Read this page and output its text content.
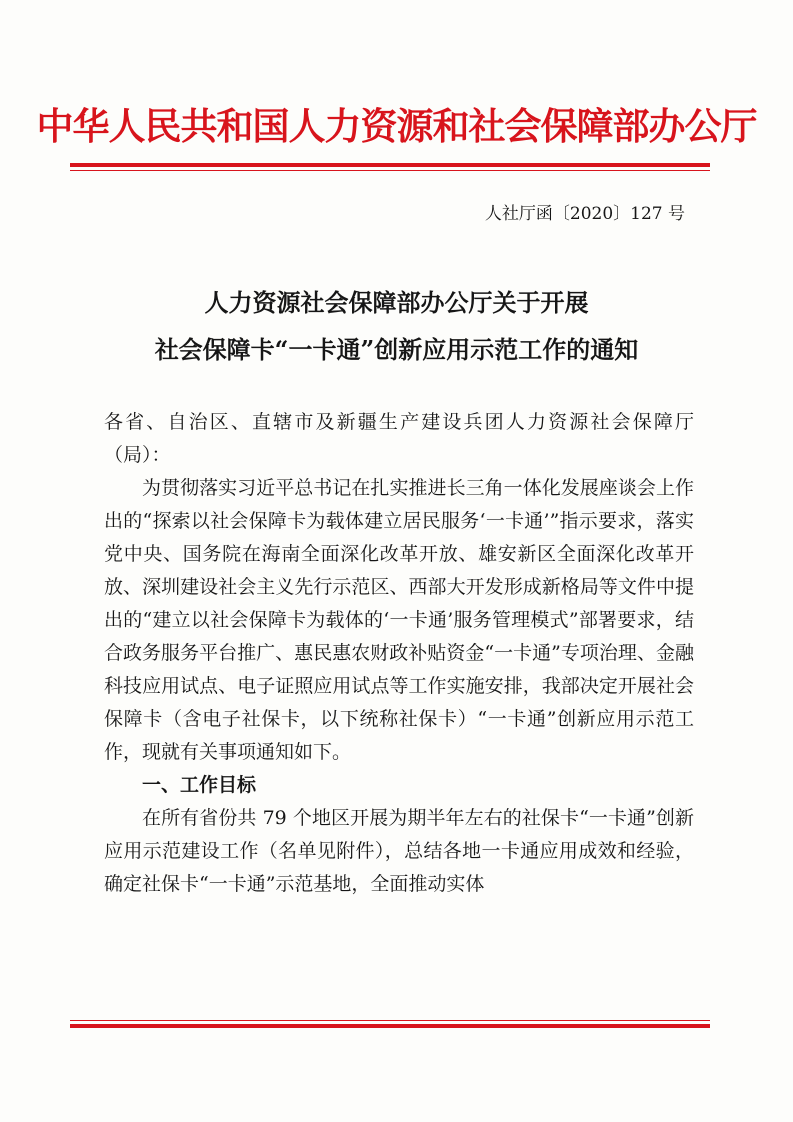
中华人民共和国人力资源和社会保障部办公厅
人社厅函〔2020〕127 号
人力资源社会保障部办公厅关于开展
社会保障卡“一卡通”创新应用示范工作的通知

各省、自治区、直辖市及新疆生产建设兵团人力资源社会保障厅（局）：

为贯彻落实习近平总书记在扎实推进长三角一体化发展座谈会上作出的“探索以社会保障卡为载体建立居民服务‘一卡通’”指示要求，落实党中央、国务院在海南全面深化改革开放、雄安新区全面深化改革开放、深圳建设社会主义先行示范区、西部大开发形成新格局等文件中提出的“建立以社会保障卡为载体的‘一卡通’服务管理模式”部署要求，结合政务服务平台推广、惠民惠农财政补贴资金“一卡通”专项治理、金融科技应用试点、电子证照应用试点等工作实施安排，我部决定开展社会保障卡（含电子社保卡，以下统称社保卡）“一卡通”创新应用示范工作，现就有关事项通知如下。

一、工作目标

在所有省份共 79 个地区开展为期半年左右的社保卡“一卡通”创新应用示范建设工作（名单见附件），总结各地一卡通应用成效和经验，确定社保卡“一卡通”示范基地，全面推动实体
